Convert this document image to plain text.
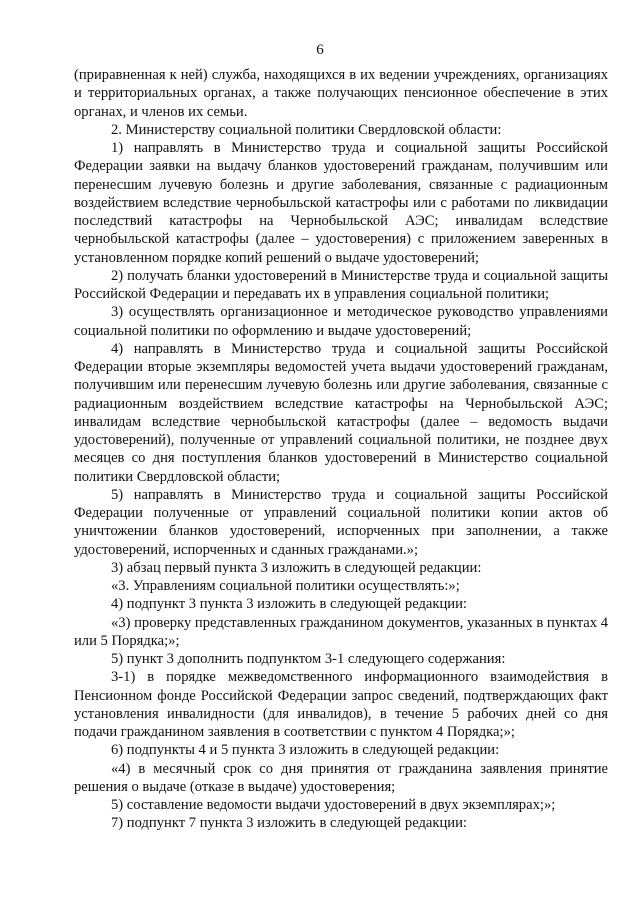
6

(приравненная к ней) служба, находящихся в их ведении учреждениях, организациях и территориальных органах, а также получающих пенсионное обеспечение в этих органах, и членов их семьи.

2. Министерству социальной политики Свердловской области:

1) направлять в Министерство труда и социальной защиты Российской Федерации заявки на выдачу бланков удостоверений гражданам, получившим или перенесшим лучевую болезнь и другие заболевания, связанные с радиационным воздействием вследствие чернобыльской катастрофы или с работами по ликвидации последствий катастрофы на Чернобыльской АЭС; инвалидам вследствие чернобыльской катастрофы (далее – удостоверения) с приложением заверенных в установленном порядке копий решений о выдаче удостоверений;

2) получать бланки удостоверений в Министерстве труда и социальной защиты Российской Федерации и передавать их в управления социальной политики;

3) осуществлять организационное и методическое руководство управлениями социальной политики по оформлению и выдаче удостоверений;

4) направлять в Министерство труда и социальной защиты Российской Федерации вторые экземпляры ведомостей учета выдачи удостоверений гражданам, получившим или перенесшим лучевую болезнь или другие заболевания, связанные с радиационным воздействием вследствие катастрофы на Чернобыльской АЭС; инвалидам вследствие чернобыльской катастрофы (далее – ведомость выдачи удостоверений), полученные от управлений социальной политики, не позднее двух месяцев со дня поступления бланков удостоверений в Министерство социальной политики Свердловской области;

5) направлять в Министерство труда и социальной защиты Российской Федерации полученные от управлений социальной политики копии актов об уничтожении бланков удостоверений, испорченных при заполнении, а также удостоверений, испорченных и сданных гражданами.»;

3) абзац первый пункта 3 изложить в следующей редакции:

«3. Управлениям социальной политики осуществлять:»;

4) подпункт 3 пункта 3 изложить в следующей редакции:

«3) проверку представленных гражданином документов, указанных в пунктах 4 или 5 Порядка;»;

5) пункт 3 дополнить подпунктом 3-1 следующего содержания:

3-1) в порядке межведомственного информационного взаимодействия в Пенсионном фонде Российской Федерации запрос сведений, подтверждающих факт установления инвалидности (для инвалидов), в течение 5 рабочих дней со дня подачи гражданином заявления в соответствии с пунктом 4 Порядка;»;

6) подпункты 4 и 5 пункта 3 изложить в следующей редакции:

«4) в месячный срок со дня принятия от гражданина заявления принятие решения о выдаче (отказе в выдаче) удостоверения;

5) составление ведомости выдачи удостоверений в двух экземплярах;»;

7) подпункт 7 пункта 3 изложить в следующей редакции:
